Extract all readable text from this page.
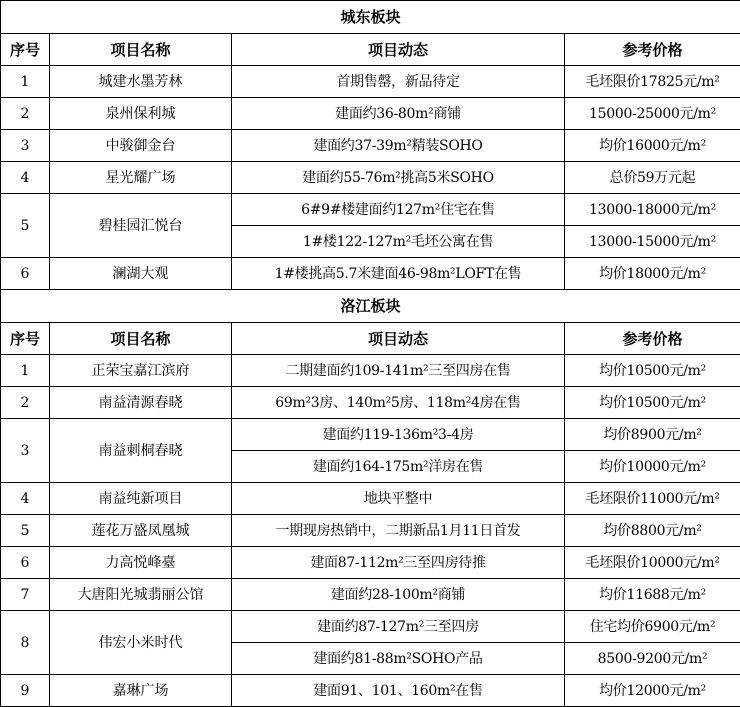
城东板块			
序号	项目名称	项目动态	参考价格
1	城建水墨芳林	首期售罄，新品待定	毛坯限价17825元/m²
2	泉州保利城	建面约36-80m²商铺	15000-25000元/m²
3	中骏御金台	建面约37-39m²精装SOHO	均价16000元/m²
4	星光耀广场	建面约55-76m²挑高5米SOHO	总价59万元起
5	碧桂园汇悦台	6#9#楼建面约127m²住宅在售	13000-18000元/m²
		1#楼122-127m²毛坯公寓在售	13000-15000元/m²
6	澜湖大观	1#楼挑高5.7米建面46-98m²LOFT在售	均价18000元/m²
洛江板块			
序号	项目名称	项目动态	参考价格
1	正荣宝嘉江滨府	二期建面约109-141m²三至四房在售	均价10500元/m²
2	南益清源春晓	69m²3房、140m²5房、118m²4房在售	均价10500元/m²
3	南益刺桐春晓	建面约119-136m²3-4房	均价8900元/m²
		建面约164-175m²洋房在售	均价10000元/m²
4	南益纯新项目	地块平整中	毛坯限价11000元/m²
5	莲花万盛凤凰城	一期现房热销中，二期新品1月11日首发	均价8800元/m²
6	力高悦峰臺	建面87-112m²三至四房待推	毛坯限价10000元/m²
7	大唐阳光城翡丽公馆	建面约28-100m²商铺	均价11688元/m²
8	伟宏小米时代	建面约87-127m²三至四房	住宅均价6900元/m²
		建面约81-88m²SOHO产品	8500-9200元/m²
9	嘉琳广场	建面91、101、160m²在售	均价12000元/m²
